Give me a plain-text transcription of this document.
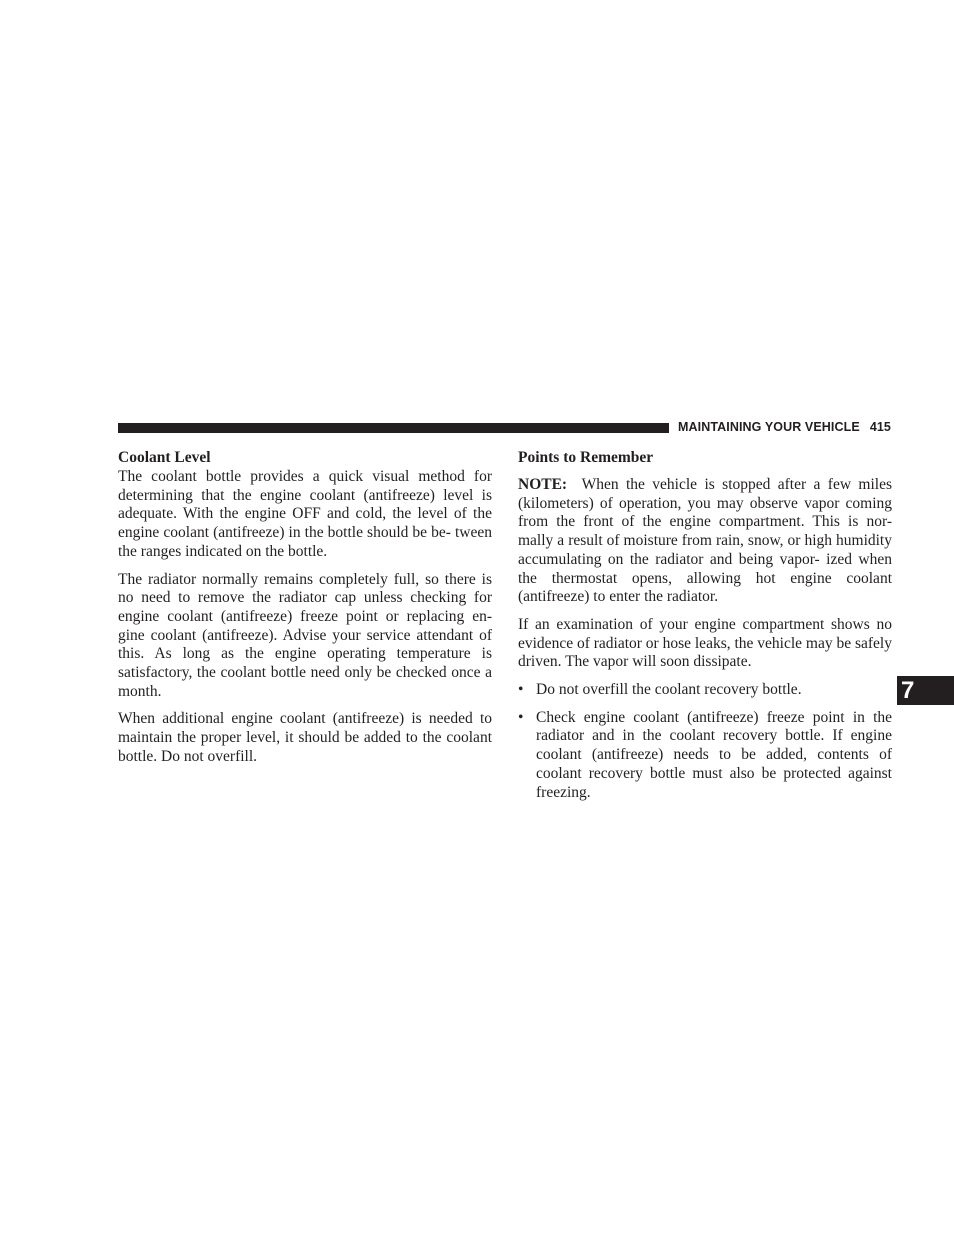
MAINTAINING YOUR VEHICLE 415
Coolant Level

The coolant bottle provides a quick visual method for determining that the engine coolant (antifreeze) level is adequate. With the engine OFF and cold, the level of the engine coolant (antifreeze) in the bottle should be be- tween the ranges indicated on the bottle.

The radiator normally remains completely full, so there is no need to remove the radiator cap unless checking for engine coolant (antifreeze) freeze point or replacing en- gine coolant (antifreeze). Advise your service attendant of this. As long as the engine operating temperature is satisfactory, the coolant bottle need only be checked once a month.

When additional engine coolant (antifreeze) is needed to maintain the proper level, it should be added to the coolant bottle. Do not overfill.

Points to Remember

NOTE: When the vehicle is stopped after a few miles (kilometers) of operation, you may observe vapor coming from the front of the engine compartment. This is nor- mally a result of moisture from rain, snow, or high humidity accumulating on the radiator and being vapor- ized when the thermostat opens, allowing hot engine coolant (antifreeze) to enter the radiator.

If an examination of your engine compartment shows no evidence of radiator or hose leaks, the vehicle may be safely driven. The vapor will soon dissipate.

• Do not overfill the coolant recovery bottle.
• Check engine coolant (antifreeze) freeze point in the radiator and in the coolant recovery bottle. If engine coolant (antifreeze) needs to be added, contents of coolant recovery bottle must also be protected against freezing.
7
